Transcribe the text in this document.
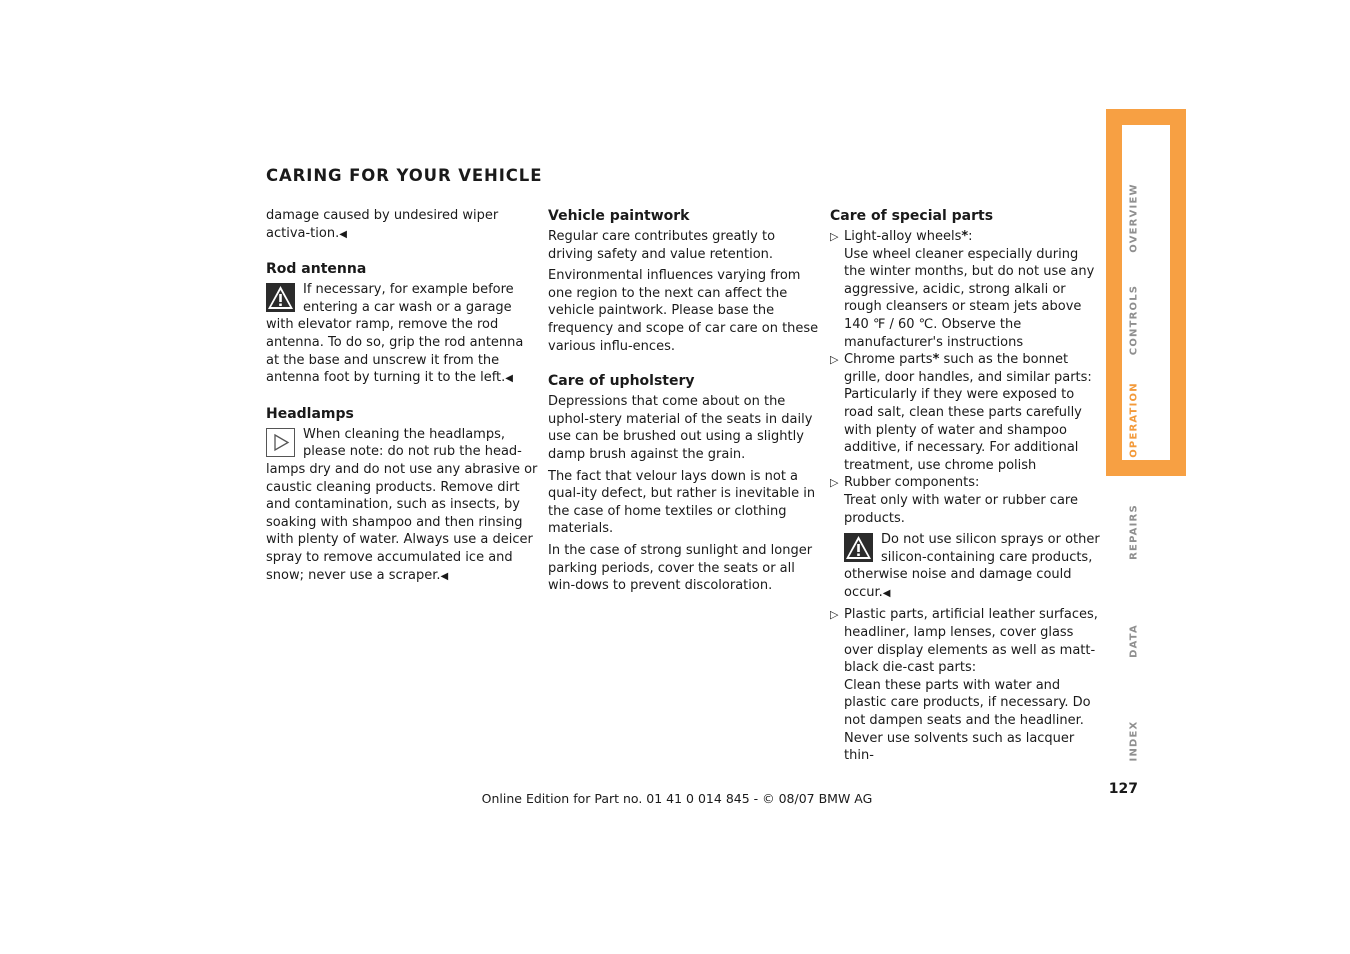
CARING FOR YOUR VEHICLE

damage caused by undesired wiper activa-tion.◀

Rod antenna

If necessary, for example before entering a car wash or a garage with elevator ramp, remove the rod antenna. To do so, grip the rod antenna at the base and unscrew it from the antenna foot by turning it to the left.◀

Headlamps

When cleaning the headlamps, please note: do not rub the head-lamps dry and do not use any abrasive or caustic cleaning products. Remove dirt and contamination, such as insects, by soaking with shampoo and then rinsing with plenty of water. Always use a deicer spray to remove accumulated ice and snow; never use a scraper.◀

Vehicle paintwork

Regular care contributes greatly to driving safety and value retention.

Environmental influences varying from one region to the next can affect the vehicle paintwork. Please base the frequency and scope of car care on these various influ-ences.

Care of upholstery

Depressions that come about on the uphol-stery material of the seats in daily use can be brushed out using a slightly damp brush against the grain.

The fact that velour lays down is not a qual-ity defect, but rather is inevitable in the case of home textiles or clothing materials.

In the case of strong sunlight and longer parking periods, cover the seats or all win-dows to prevent discoloration.

Care of special parts
▷ Light-alloy wheels*:

Use wheel cleaner especially during the winter months, but do not use any aggressive, acidic, strong alkali or rough cleansers or steam jets above 140 ℉ / 60 ℃. Observe the manufacturer's instructions

▷ Chrome parts* such as the bonnet grille, door handles, and similar parts:

Particularly if they were exposed to road salt, clean these parts carefully with plenty of water and shampoo additive, if necessary. For additional treatment, use chrome polish

▷ Rubber components:

Treat only with water or rubber care products.

Do not use silicon sprays or other silicon-containing care products, otherwise noise and damage could occur.◀

▷ Plastic parts, artificial leather surfaces, headliner, lamp lenses, cover glass over display elements as well as matt-black die-cast parts:

Clean these parts with water and plastic care products, if necessary. Do not dampen seats and the headliner.

Never use solvents such as lacquer thin-

OVERVIEW
CONTROLS
OPERATION
REPAIRS
DATA
INDEX
127
Online Edition for Part no. 01 41 0 014 845 - © 08/07 BMW AG
